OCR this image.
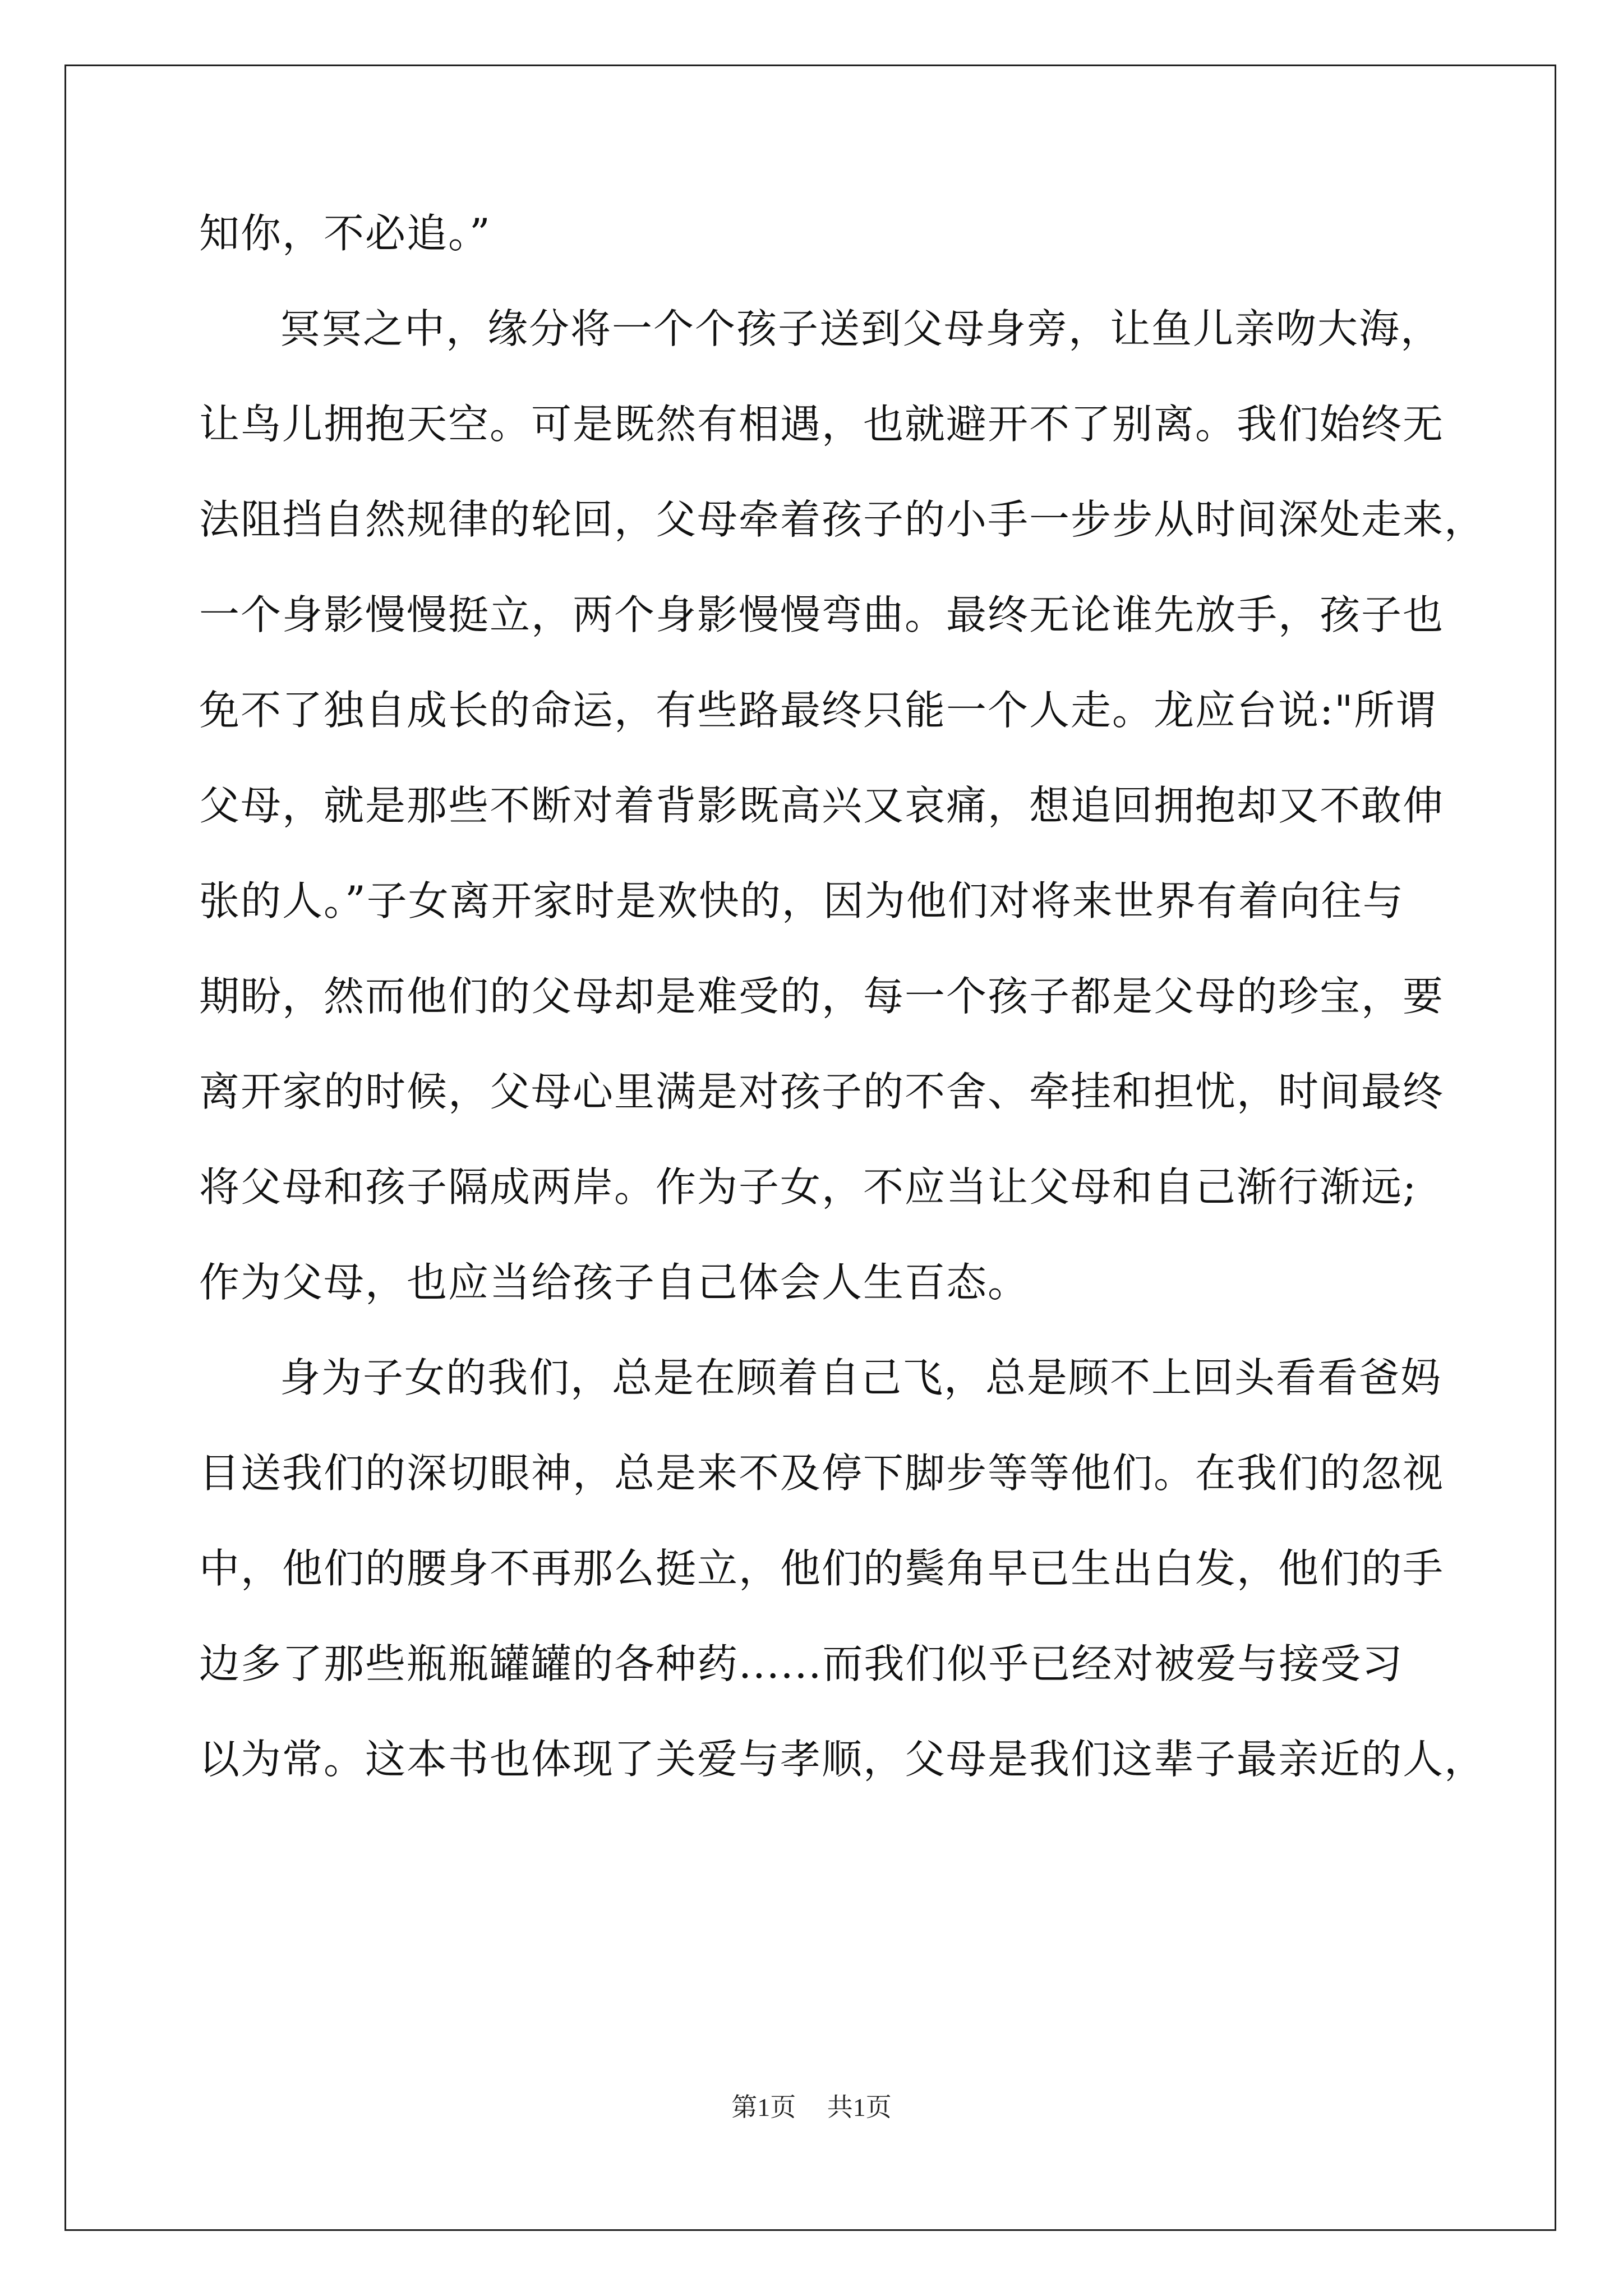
知你，不必追。”
冥冥之中，缘分将一个个孩子送到父母身旁，让鱼儿亲吻大海，
让鸟儿拥抱天空。可是既然有相遇，也就避开不了别离。我们始终无
法阻挡自然规律的轮回，父母牵着孩子的小手一步步从时间深处走来，
一个身影慢慢挺立，两个身影慢慢弯曲。最终无论谁先放手，孩子也
免不了独自成长的命运，有些路最终只能一个人走。龙应台说:"所谓
父母，就是那些不断对着背影既高兴又哀痛，想追回拥抱却又不敢伸
张的人。”子女离开家时是欢快的，因为他们对将来世界有着向往与
期盼，然而他们的父母却是难受的，每一个孩子都是父母的珍宝，要
离开家的时候，父母心里满是对孩子的不舍、牵挂和担忧，时间最终
将父母和孩子隔成两岸。作为子女，不应当让父母和自己渐行渐远;
作为父母，也应当给孩子自己体会人生百态。
身为子女的我们，总是在顾着自己飞，总是顾不上回头看看爸妈
目送我们的深切眼神，总是来不及停下脚步等等他们。在我们的忽视
中，他们的腰身不再那么挺立，他们的鬓角早已生出白发，他们的手
边多了那些瓶瓶罐罐的各种药......而我们似乎已经对被爱与接受习
以为常。这本书也体现了关爱与孝顺，父母是我们这辈子最亲近的人，
第1页 共1页
